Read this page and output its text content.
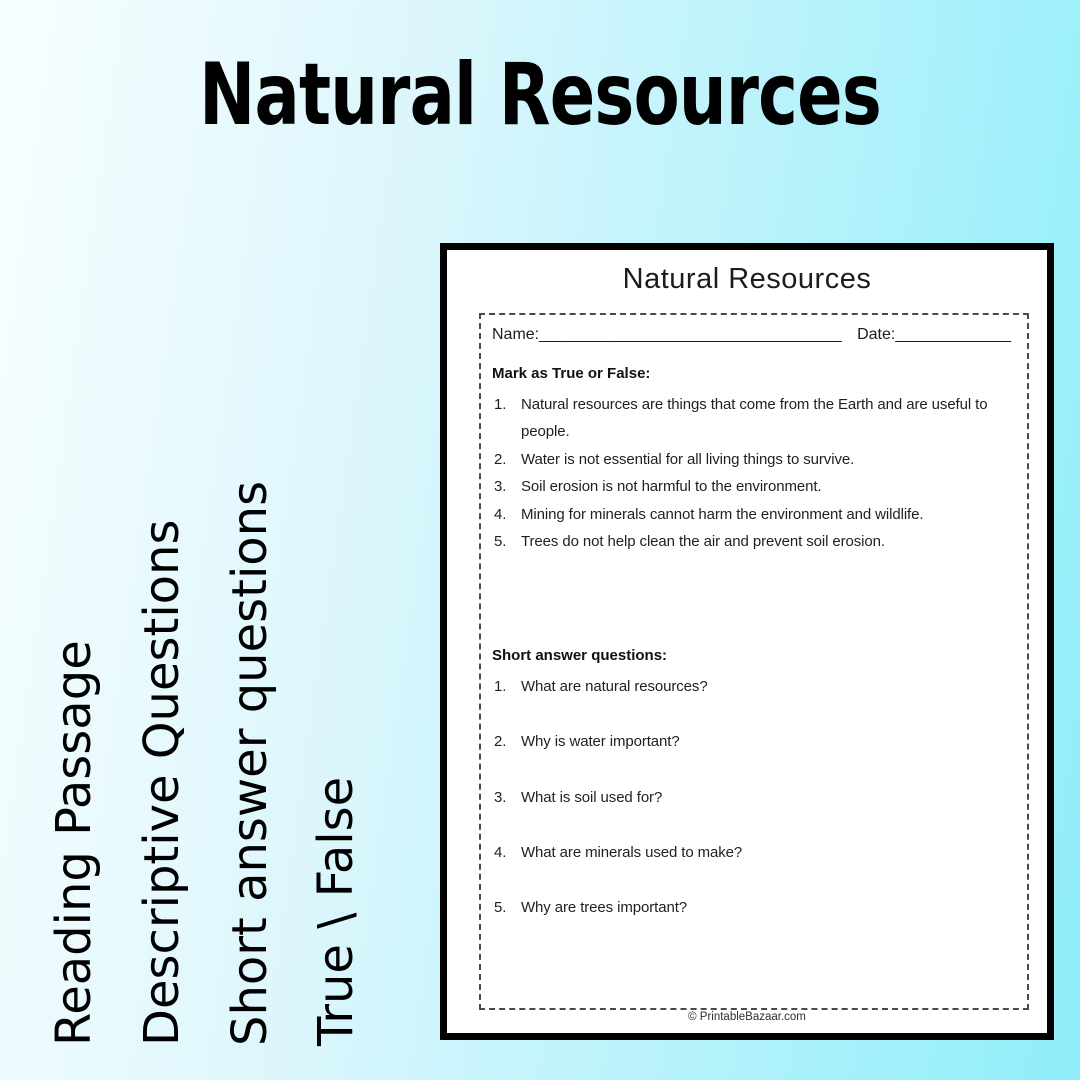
Natural Resources
Reading Passage Descriptive Questions Short answer questions True \ False
Natural Resources
Name:__________________________________ Date:_____________
Mark as True or False:
Natural resources are things that come from the Earth and are useful to people.
Water is not essential for all living things to survive.
Soil erosion is not harmful to the environment.
Mining for minerals cannot harm the environment and wildlife.
Trees do not help clean the air and prevent soil erosion.
Short answer questions:
What are natural resources?
Why is water important?
What is soil used for?
What are minerals used to make?
Why are trees important?
© PrintableBazaar.com
